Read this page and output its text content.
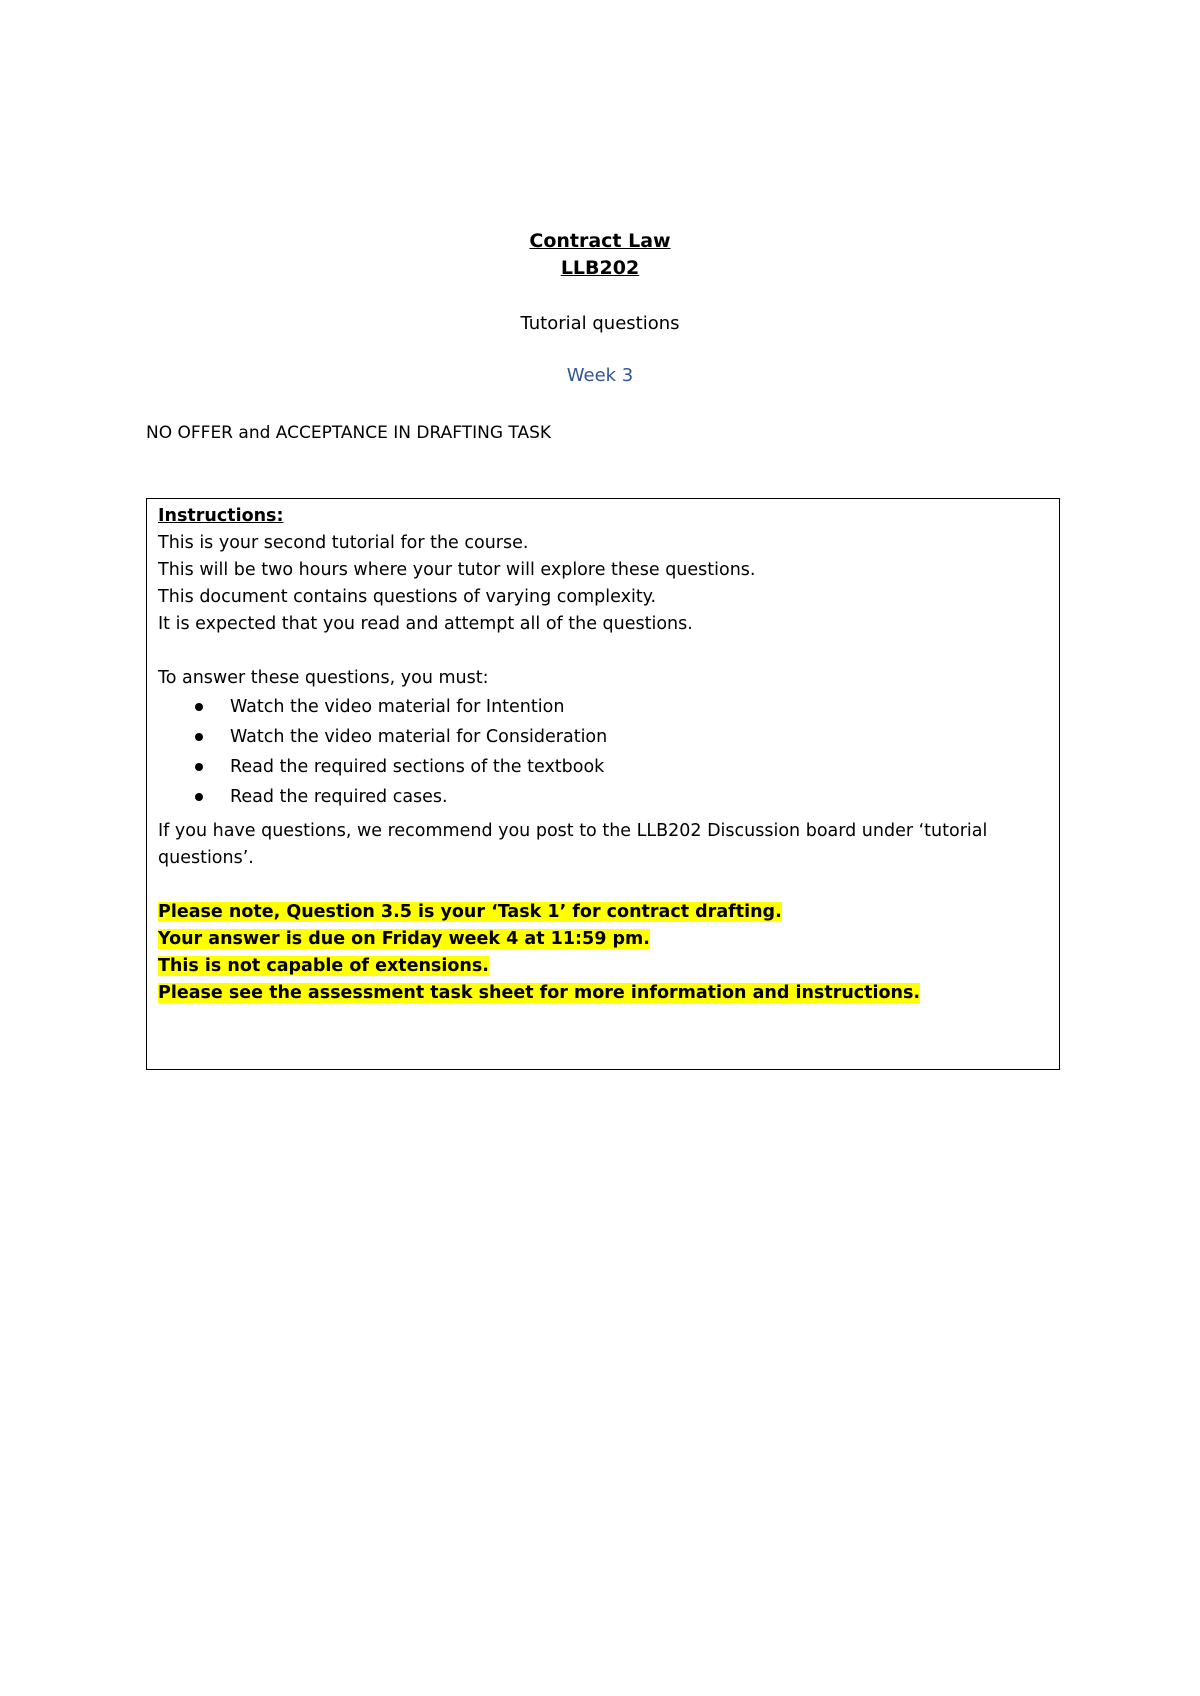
Contract Law
LLB202
Tutorial questions
Week 3
NO OFFER and ACCEPTANCE IN DRAFTING TASK
Instructions:
This is your second tutorial for the course.
This will be two hours where your tutor will explore these questions.
This document contains questions of varying complexity.
It is expected that you read and attempt all of the questions.
To answer these questions, you must:
Watch the video material for Intention
Watch the video material for Consideration
Read the required sections of the textbook
Read the required cases.
If you have questions, we recommend you post to the LLB202 Discussion board under ‘tutorial questions’.
Please note, Question 3.5 is your ‘Task 1’ for contract drafting.
Your answer is due on Friday week 4 at 11:59 pm.
This is not capable of extensions.
Please see the assessment task sheet for more information and instructions.
